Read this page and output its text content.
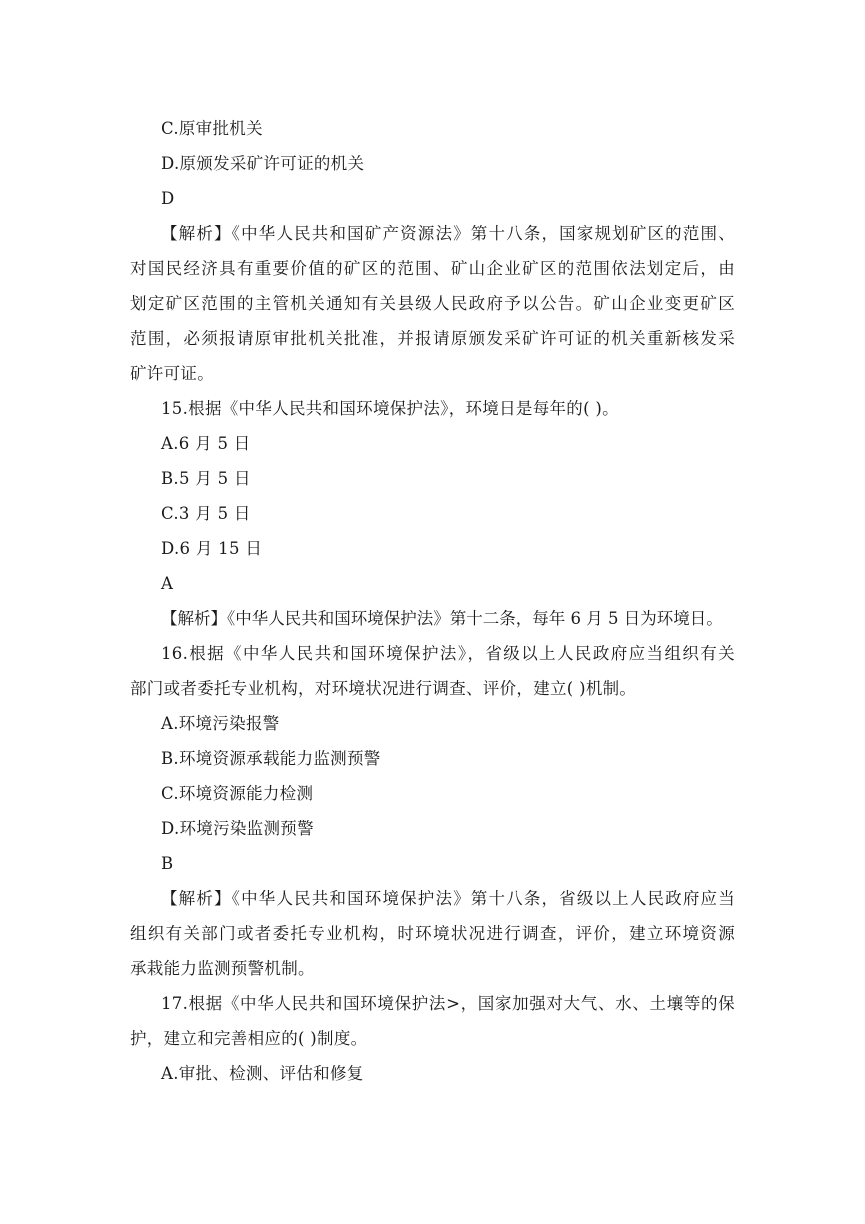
C.原审批机关
D.原颁发采矿许可证的机关
D
【解析】《中华人民共和国矿产资源法》第十八条，国家规划矿区的范围、
对国民经济具有重要价值的矿区的范围、矿山企业矿区的范围依法划定后，由
划定矿区范围的主管机关通知有关县级人民政府予以公告。矿山企业变更矿区
范围，必须报请原审批机关批准，并报请原颁发采矿许可证的机关重新核发采
矿许可证。
15.根据《中华人民共和国环境保护法》，环境日是每年的( )。
A.6 月 5 日
B.5 月 5 日
C.3 月 5 日
D.6 月 15 日
A
【解析】《中华人民共和国环境保护法》第十二条，每年 6 月 5 日为环境日。
16.根据《中华人民共和国环境保护法》，省级以上人民政府应当组织有关
部门或者委托专业机构，对环境状况进行调查、评价，建立( )机制。
A.环境污染报警
B.环境资源承载能力监测预警
C.环境资源能力检测
D.环境污染监测预警
B
【解析】《中华人民共和国环境保护法》第十八条，省级以上人民政府应当
组织有关部门或者委托专业机构，时环境状况进行调查，评价，建立环境资源
承栽能力监测预警机制。
17.根据《中华人民共和国环境保护法>，国家加强对大气、水、土壤等的保
护，建立和完善相应的( )制度。
A.审批、检测、评估和修复
